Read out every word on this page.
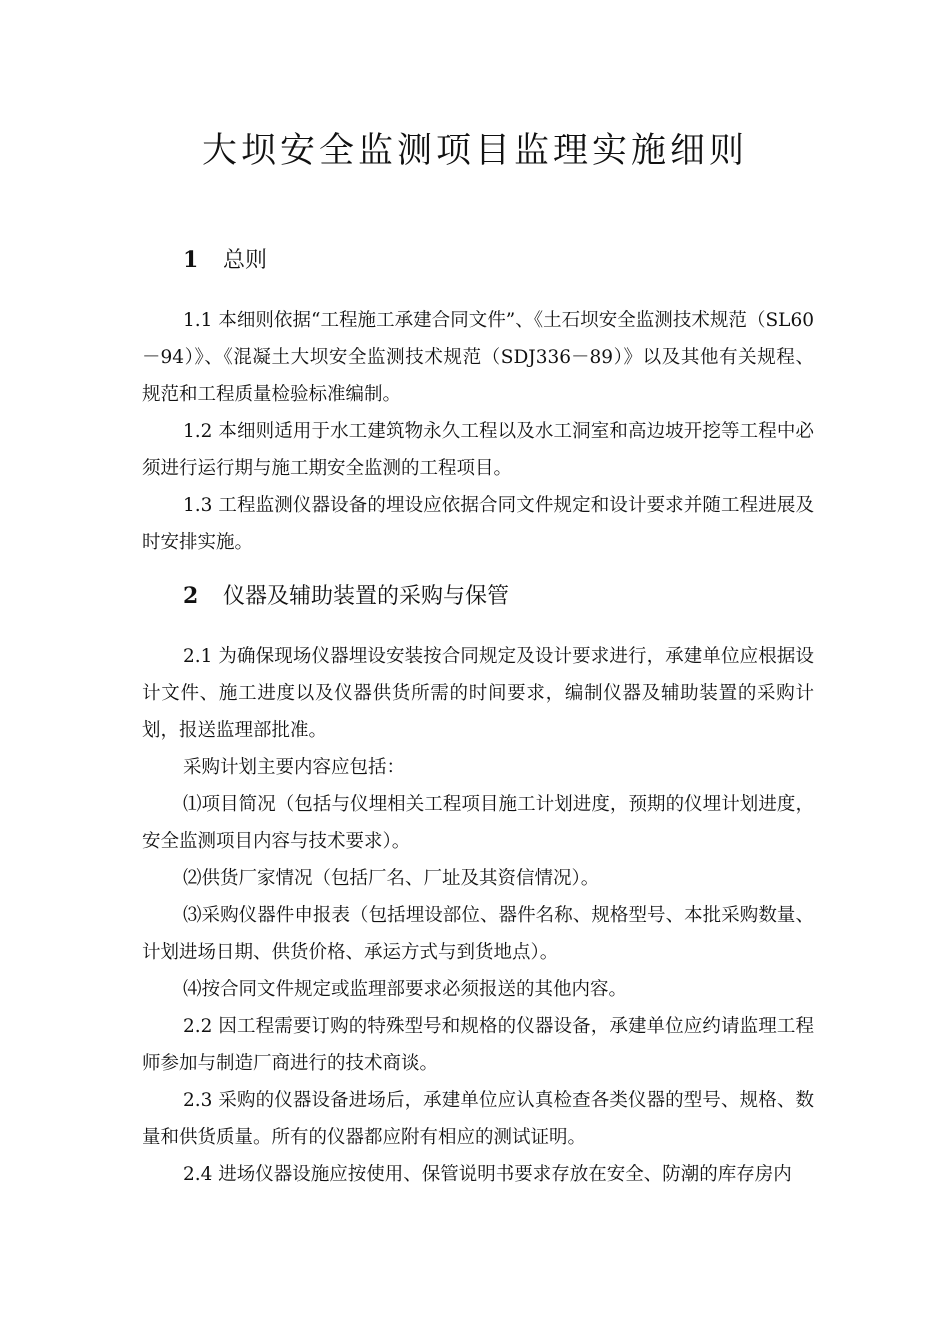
大坝安全监测项目监理实施细则
1 总则

1.1 本细则依据“工程施工承建合同文件”、《土石坝安全监测技术规范（SL60－94）》、《混凝土大坝安全监测技术规范（SDJ336－89）》以及其他有关规程、规范和工程质量检验标准编制。

1.2 本细则适用于水工建筑物永久工程以及水工洞室和高边坡开挖等工程中必须进行运行期与施工期安全监测的工程项目。

1.3 工程监测仪器设备的埋设应依据合同文件规定和设计要求并随工程进展及时安排实施。

2 仪器及辅助装置的采购与保管

2.1 为确保现场仪器埋设安装按合同规定及设计要求进行，承建单位应根据设计文件、施工进度以及仪器供货所需的时间要求，编制仪器及辅助装置的采购计划，报送监理部批准。

采购计划主要内容应包括：

⑴项目简况（包括与仪埋相关工程项目施工计划进度，预期的仪埋计划进度，安全监测项目内容与技术要求）。

⑵供货厂家情况（包括厂名、厂址及其资信情况）。

⑶采购仪器件申报表（包括埋设部位、器件名称、规格型号、本批采购数量、计划进场日期、供货价格、承运方式与到货地点）。

⑷按合同文件规定或监理部要求必须报送的其他内容。

2.2 因工程需要订购的特殊型号和规格的仪器设备，承建单位应约请监理工程师参加与制造厂商进行的技术商谈。

2.3 采购的仪器设备进场后，承建单位应认真检查各类仪器的型号、规格、数量和供货质量。所有的仪器都应附有相应的测试证明。

2.4 进场仪器设施应按使用、保管说明书要求存放在安全、防潮的库存房内
